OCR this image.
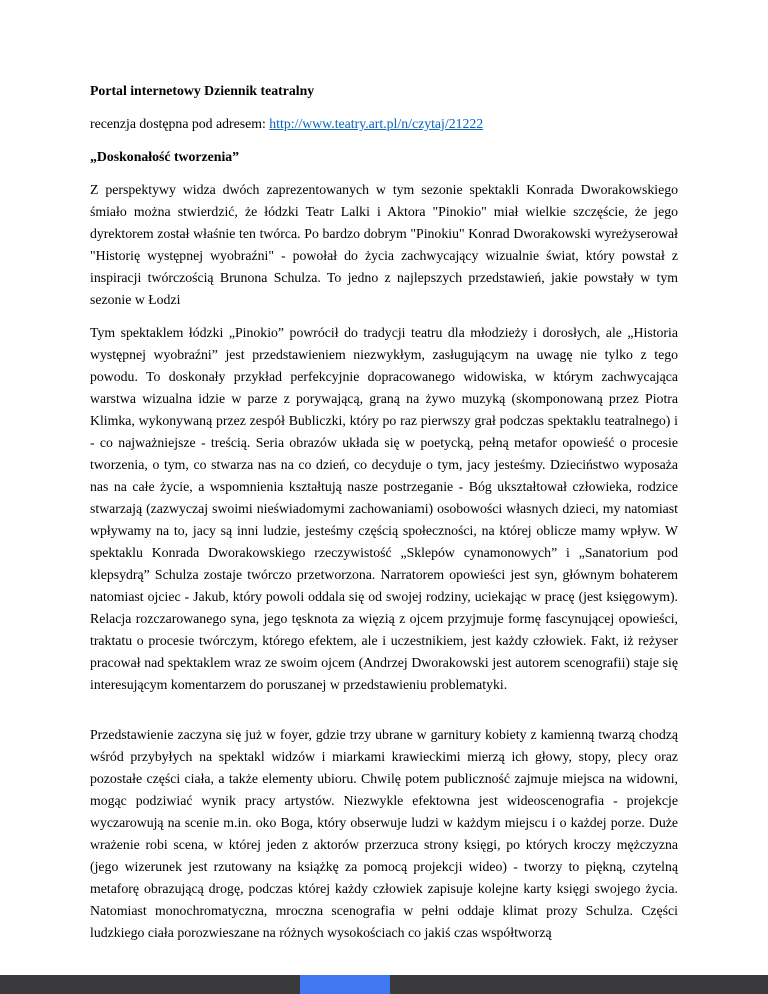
Portal internetowy Dziennik teatralny

recenzja dostępna pod adresem: http://www.teatry.art.pl/n/czytaj/21222

„Doskonałość tworzenia”

Z perspektywy widza dwóch zaprezentowanych w tym sezonie spektakli Konrada Dworakowskiego śmiało można stwierdzić, że łódzki Teatr Lalki i Aktora "Pinokio" miał wielkie szczęście, że jego dyrektorem został właśnie ten twórca. Po bardzo dobrym "Pinokiu" Konrad Dworakowski wyreżyserował "Historię występnej wyobraźni" - powołał do życia zachwycający wizualnie świat, który powstał z inspiracji twórczością Brunona Schulza. To jedno z najlepszych przedstawień, jakie powstały w tym sezonie w Łodzi

Tym spektaklem łódzki „Pinokio” powrócił do tradycji teatru dla młodzieży i dorosłych, ale „Historia występnej wyobraźni” jest przedstawieniem niezwykłym, zasługującym na uwagę nie tylko z tego powodu. To doskonały przykład perfekcyjnie dopracowanego widowiska, w którym zachwycająca warstwa wizualna idzie w parze z porywającą, graną na żywo muzyką (skomponowaną przez Piotra Klimka, wykonywaną przez zespół Bubliczki, który po raz pierwszy grał podczas spektaklu teatralnego) i - co najważniejsze - treścią. Seria obrazów układa się w poetycką, pełną metafor opowieść o procesie tworzenia, o tym, co stwarza nas na co dzień, co decyduje o tym, jacy jesteśmy. Dzieciństwo wyposaża nas na całe życie, a wspomnienia kształtują nasze postrzeganie - Bóg ukształtował człowieka, rodzice stwarzają (zazwyczaj swoimi nieświadomymi zachowaniami) osobowości własnych dzieci, my natomiast wpływamy na to, jacy są inni ludzie, jesteśmy częścią społeczności, na której oblicze mamy wpływ. W spektaklu Konrada Dworakowskiego rzeczywistość „Sklepów cynamonowych” i „Sanatorium pod klepsydrą” Schulza zostaje twórczo przetworzona. Narratorem opowieści jest syn, głównym bohaterem natomiast ojciec - Jakub, który powoli oddala się od swojej rodziny, uciekając w pracę (jest księgowym). Relacja rozczarowanego syna, jego tęsknota za więzią z ojcem przyjmuje formę fascynującej opowieści, traktatu o procesie twórczym, którego efektem, ale i uczestnikiem, jest każdy człowiek. Fakt, iż reżyser pracował nad spektaklem wraz ze swoim ojcem (Andrzej Dworakowski jest autorem scenografii) staje się interesującym komentarzem do poruszanej w przedstawieniu problematyki.

Przedstawienie zaczyna się już w foyer, gdzie trzy ubrane w garnitury kobiety z kamienną twarzą chodzą wśród przybyłych na spektakl widzów i miarkami krawieckimi mierzą ich głowy, stopy, plecy oraz pozostałe części ciała, a także elementy ubioru. Chwilę potem publiczność zajmuje miejsca na widowni, mogąc podziwiać wynik pracy artystów. Niezwykle efektowna jest wideoscenografia - projekcje wyczarowują na scenie m.in. oko Boga, który obserwuje ludzi w każdym miejscu i o każdej porze. Duże wrażenie robi scena, w której jeden z aktorów przerzuca strony księgi, po których kroczy mężczyzna (jego wizerunek jest rzutowany na książkę za pomocą projekcji wideo) - tworzy to piękną, czytelną metaforę obrazującą drogę, podczas której każdy człowiek zapisuje kolejne karty księgi swojego życia. Natomiast monochromatyczna, mroczna scenografia w pełni oddaje klimat prozy Schulza. Części ludzkiego ciała porozwieszane na różnych wysokościach co jakiś czas współtworzą
